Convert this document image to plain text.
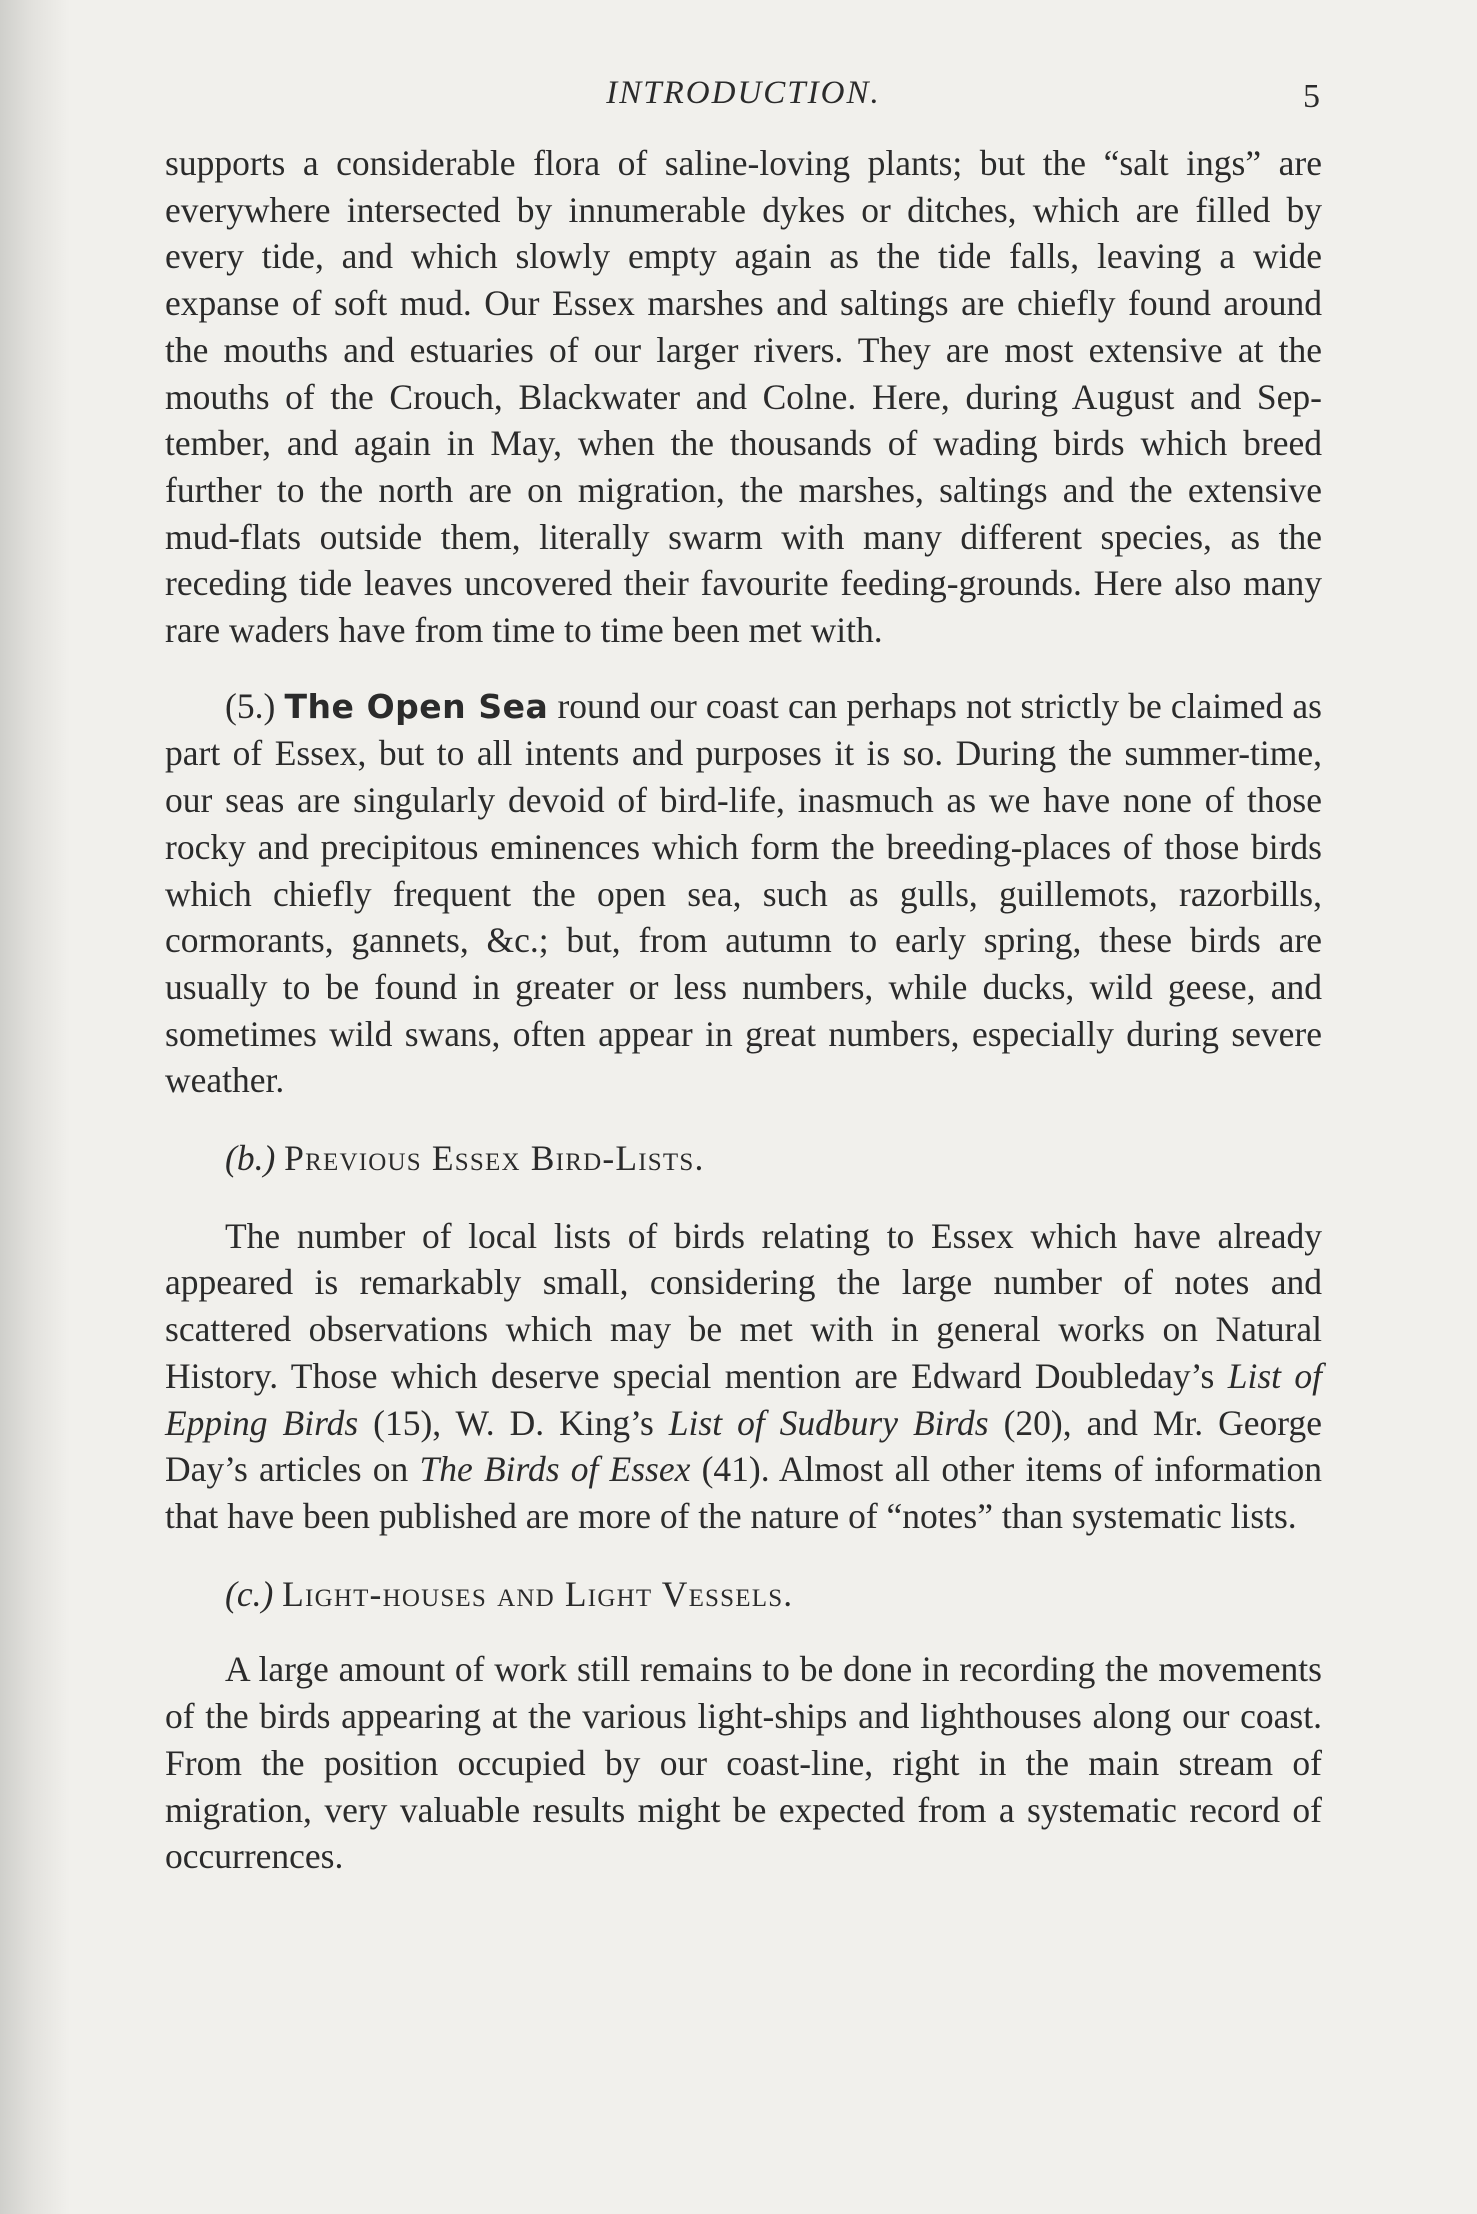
INTRODUCTION.	5

supports a considerable flora of saline-loving plants; but the “salt ings” are everywhere intersected by innumerable dykes or ditches, which are filled by every tide, and which slowly empty again as the tide falls, leaving a wide expanse of soft mud. Our Essex marshes and saltings are chiefly found around the mouths and estuaries of our larger rivers. They are most extensive at the mouths of the Crouch, Blackwater and Colne. Here, during August and Sep tember, and again in May, when the thousands of wading birds which breed further to the north are on migration, the marshes, saltings and the extensive mud-flats outside them, literally swarm with many different species, as the receding tide leaves uncovered their favourite feeding-grounds. Here also many rare waders have from time to time been met with.

(5.) The Open Sea round our coast can perhaps not strictly be claimed as part of Essex, but to all intents and purposes it is so. During the summer-time, our seas are singularly devoid of bird-life, inasmuch as we have none of those rocky and precipitous eminences which form the breeding-places of those birds which chiefly frequent the open sea, such as gulls, guillemots, razorbills, cormorants, gannets, &c.; but, from autumn to early spring, these birds are usually to be found in greater or less numbers, while ducks, wild geese, and sometimes wild swans, often appear in great numbers, especially during severe weather.

(b.) Previous Essex Bird-Lists.

The number of local lists of birds relating to Essex which have already appeared is remarkably small, considering the large number of notes and scattered observations which may be met with in general works on Natural History. Those which deserve special mention are Edward Doubleday’s List of Epping Birds (15), W. D. King’s List of Sudbury Birds (20), and Mr. George Day’s articles on The Birds of Essex (41). Almost all other items of information that have been published are more of the nature of “notes” than systematic lists.

(c.) Light-houses and Light Vessels.

A large amount of work still remains to be done in recording the movements of the birds appearing at the various light-ships and lighthouses along our coast. From the position occupied by our coast-line, right in the main stream of migration, very valuable results might be expected from a systematic record of occurrences.
